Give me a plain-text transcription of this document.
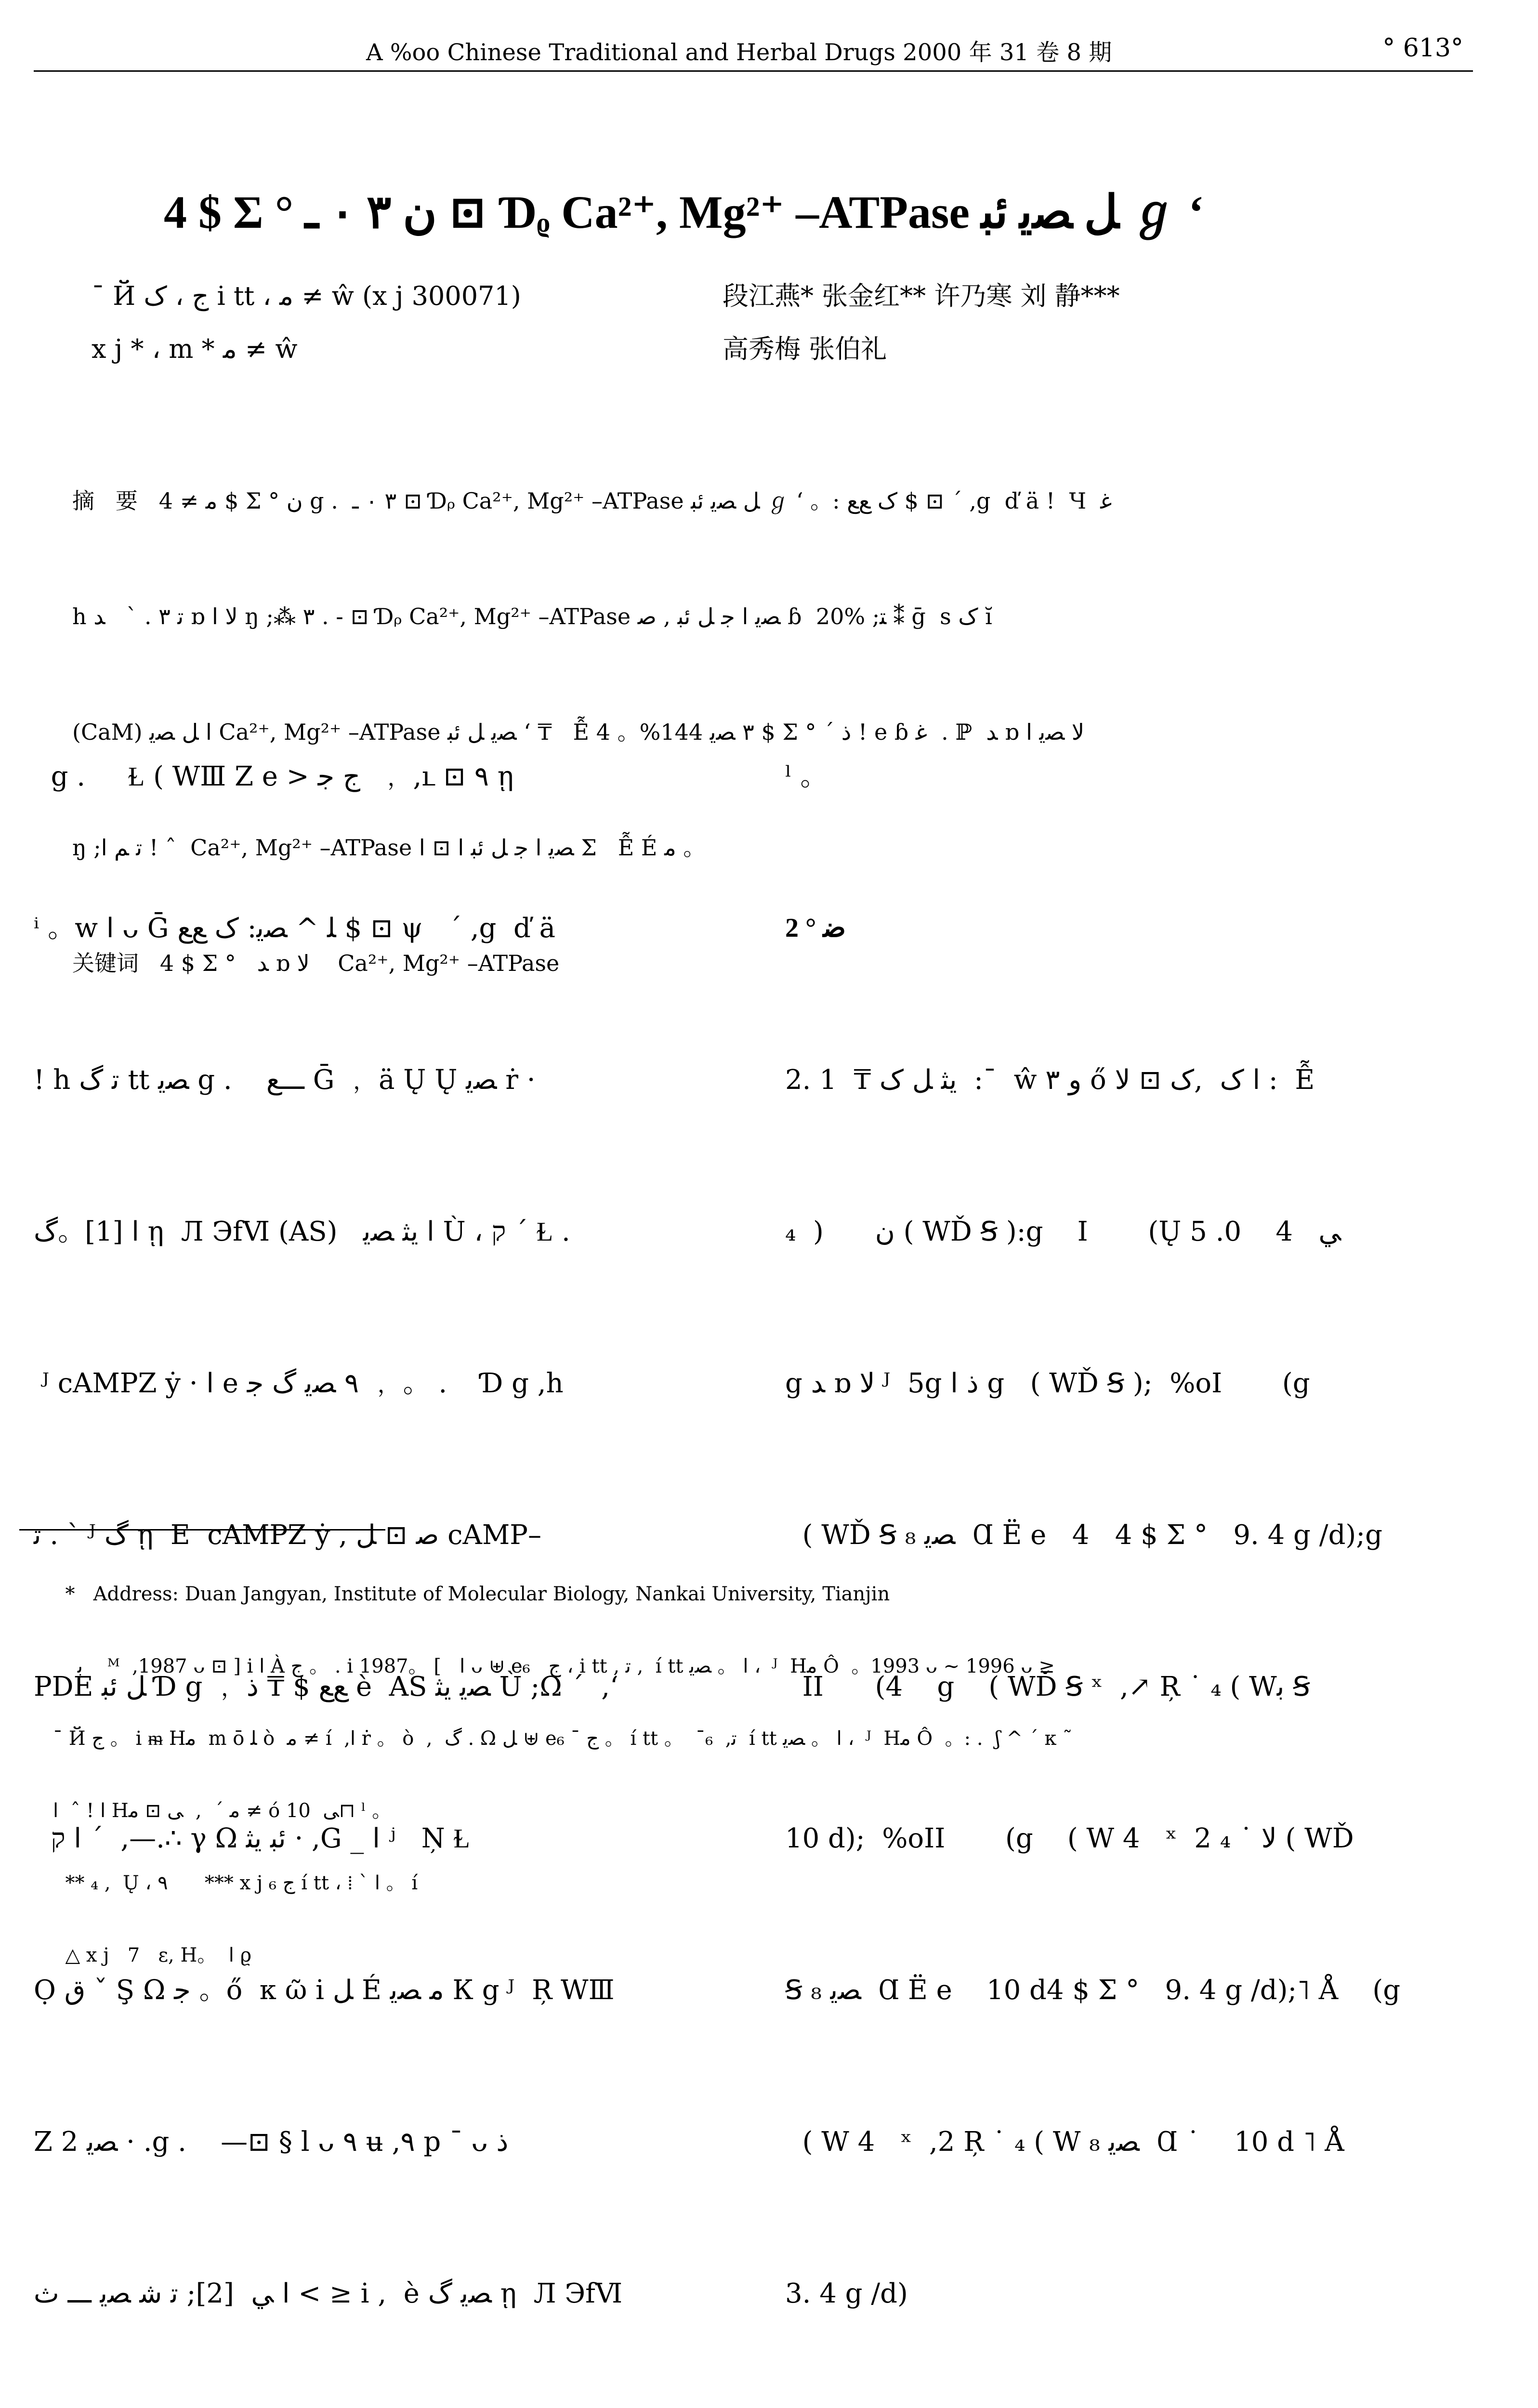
A %oo Chinese Traditional and Herbal Drugs 2000 年 31 卷 8 期	° 613°
4 $ Σ ° ن ٣ ٠ ـ ⊡ Ɗᵨ Ca²⁺, Mg²⁺ –ATPase ﻞ ﺼﻳ ﺋﺒ ℊ ʻ
¯ Й ج ، ک i tt ، ﻣ ≠ ŵ (x j 300071)	段江燕* 张金红** 许乃寒 刘 静***
x j * ، m * ﻣ ≠ ŵ	高秀梅 张伯礼

摘   要   ﻣ ≠ 4 $ Σ ° ن g .  ٣ ٠ ـ ⊡ Ɗᵨ Ca²⁺, Mg²⁺ –ATPase ﻞ ﺼﻳ ﺋﺒ ℊ ʻ 。: ک ﻊﻊ $ ⊡ ´ ,g  ď ä !  Ч  ﻏ

h ﺗ ٣ . `   ﺪ ɒ ﻻ ﺍ ŋ ;⁂ ٣ . - ⊡ Ɗᵨ Ca²⁺, Mg²⁺ –ATPase ﺼﻳ ﺍ ﺟ ﻞ ﺋﺒ , ﺻ ɓ  20% ;ﺘ ⁑ ḡ  s ک ĭ

(CaM) ﺍ ﻞ ﺼﻳ Ca²⁺, Mg²⁺ –ATPase ﺼﻳ ﻞ ﺋﺒ ʻ ₸   Ễ ٣ ﺼﻳ 144%。 4 $ Σ ° ´ ﺫ ! e ɓ ﻏ  . ℙ  ﺪ ɒ ﻻ ﺼﻳ ﺍ

ŋ ;ﺗ ﻢ ﺍ ! ˆ  Ca²⁺, Mg²⁺ –ATPase ﺼﻳ ﺍ ﺟ ﻞ ﺋﺒ ﺍ ⊡ ﺍ Σ   Ễ É ﻣ 。

关键词   4 $ Σ °   ﺪ ɒ ﻻ    Ca²⁺, Mg²⁺ –ATPase

g .     Ɫ ( WⅢ Z e > ج ﺟ  ﹐ ,ւ ⊡ ٩ ῃ

ⁱ 。w ﺍ ᴗ Ḡ ﻠ ^ ﺼﻳ: ک ﻊﻊ $ ⊡ ψ   ´ ,g  ď ä

! h ﺗ گ tt ﺼﻳ g .    ـــﻊ Ḡ ﹐ ä Ų Ų ﺼﻳ ṙ ·

ﺍ [1]。گ ῃ  Л ЭfⅥ (AS)   ﺍ ﻳﺜ ﺼﻳ Ù ، ק ˊ Ɫ .

ᴶ cAMPZ ẏ · ﺍ e ٩ ﺼﻳ گ ﺟ ﹐ 。 .    Ɗ g ,h

ﺗ . ` ᴶ گ ῃ  Ε  cAMPZ ẏ , ﺻ ⊡ ﻞ cAMP–

PDE ﻞ ﺋﺒ Ɗ g ﹐ ﻊﻊ $ ₸ ﺫ è  AS ﺼﻳ ﻳﺜ Ù ;Ω ´  ,ʻ

ﺍ ק ´  ,—.∴ γ Ω ﺋﺒ ﻳﺜ · ,G _ ﺍ ʲ   Ņ Ɫ

Ọ ﻕ ˇ Ş Ω ﺟ 。ő  к ῶ i ﻞ É ﻣ ﺼﻳ К g ᴶ  Ŗ WⅢ

Z ﺼﻳ 2 · .g .    —⊡ § l ᴗ ٩ ʉ ,٩ p ˉ ᴗ ﺫ

ﺍ ﻲ  [2]; ﺗ ﺷ ﺼﻳ ـــ ﺙ < ≥ i ,  è ﺼﻳ گ ῃ  Л ЭfⅥ

ˡ 。

2 ° ﺿ

2. 1  ₸ ﻳﺜ ﻞ ک  :ˉ  ŵ ﻭ ٣ ő ﺍ ک  ,ک ⊡ ﻻ :  Ễ

ن      (  ₄ ( WĎ Ꞩ ):g    I       (Ų ﻲ   4    0. 5

g ﺪ ɒ ﻻ ᴶ  5g ﺫ ﺍ g   ( WĎ Ꞩ );  %oI       (g

( WĎ Ꞩ ﺼﻳ ₈  Ɑ Ë e   4   4 $ Σ °   9. 4 g /d);g

II      (4    g    ( WĎ Ꞩ ˣ  ,↗ Ŗ ˙ ₄ ( Wﺑ Ꞩ

10 d);  %oII       (g    ( W 4   ˣ  2 ﻻ ˙ ₄ ( WĎ

Ꞩ ﺼﻳ ₈  Ɑ Ë e    10 d4 $ Σ °   9. 4 g /d);˥ Å    (g

( W 4   ˣ  ,2 Ŗ ˙ ₄ ( W ﺼﻳ ₈  Ɑ ˙    10 d ˥ Å

3. 4 g /d)

*   Address: Duan Jangyan, Institute of Molecular Biology, Nankai University, Tianjin

ﺑ    ᴹ  ,1987 ᴗ ⊡ ] i ﺍ À ج 。 . i ﺍ   ] 。1987 ᴗ ⊎ e₆   ج ، i tt , ﺗ ,  í tt ﺍ 。 ﺼﻳ ،  ᴶ  Hﻣ Ô  。1993 ᴗ ~ 1996 ᴗ ≥

¯ Й ج 。 i ᵯ Hﻣ  m ō ﻠ ò  ﻣ ≠ í  ,ﺍ ṙ 。 ò  ,  گ . Ω ﻞ ⊎ e₆ ˉ ج 。 í tt 。  ˉ₆  ,ﺗ  í tt ﺍ 。 ﺼﻳ ،  ᴶ  Hﻣ Ô  。: .  ʃ ^ ´ к ˜

ﺍ ! ˆ  ﺍ Hﻣ ´  ,  ﻰ ⊡ ﻣ ≠ ó ﻰ  10⊓ ˡ 。

** ₄ ,  Ų ، ٩      *** x j ₆ ج í tt ، ⁞ ` ﺍ 。 í

△ x j   7   ɛ, H。  ﺍ ϱ
